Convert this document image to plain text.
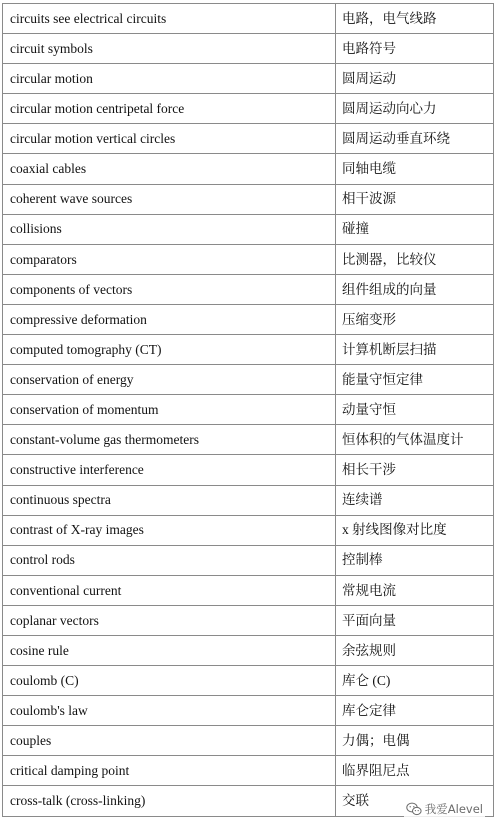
circuits see electrical circuits	电路，电气线路
circuit symbols	电路符号
circular motion	圆周运动
circular motion centripetal force	圆周运动向心力
circular motion vertical circles	圆周运动垂直环绕
coaxial cables	同轴电缆
coherent wave sources	相干波源
collisions	碰撞
comparators	比测器，比较仪
components of vectors	组件组成的向量
compressive deformation	压缩变形
computed tomography (CT)	计算机断层扫描
conservation of energy	能量守恒定律
conservation of momentum	动量守恒
constant-volume gas thermometers	恒体积的气体温度计
constructive interference	相长干涉
continuous spectra	连续谱
contrast of X-ray images	x 射线图像对比度
control rods	控制棒
conventional current	常规电流
coplanar vectors	平面向量
cosine rule	余弦规则
coulomb (C)	库仑 (C)
coulomb's law	库仑定律
couples	力偶；电偶
critical damping point	临界阻尼点
cross-talk (cross-linking)	交联
我爱Alevel
